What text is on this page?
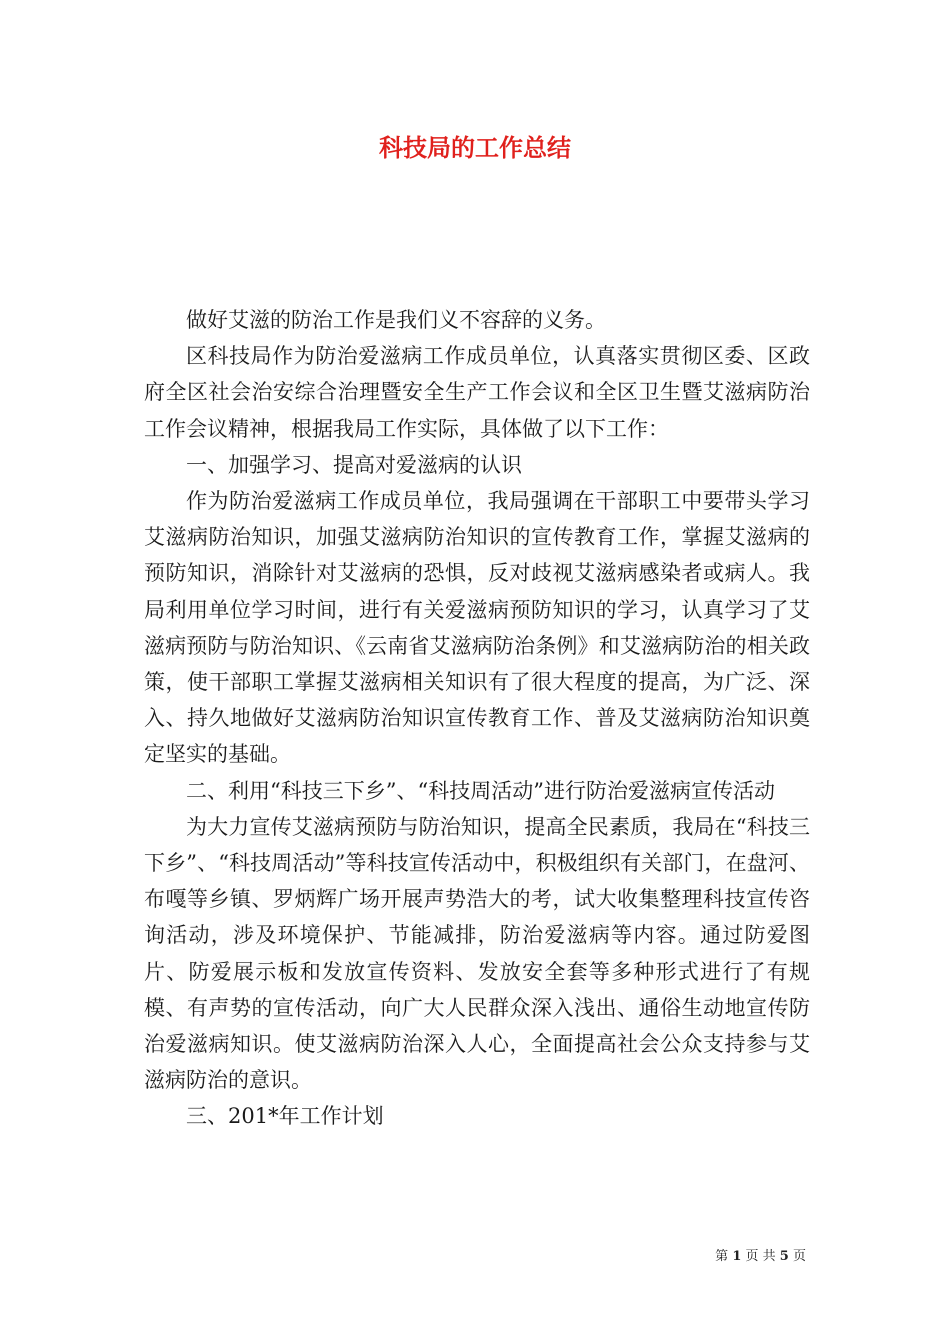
科技局的工作总结

做好艾滋的防治工作是我们义不容辞的义务。

区科技局作为防治爱滋病工作成员单位，认真落实贯彻区委、区政府全区社会治安综合治理暨安全生产工作会议和全区卫生暨艾滋病防治工作会议精神，根据我局工作实际，具体做了以下工作：

一、加强学习、提高对爱滋病的认识

作为防治爱滋病工作成员单位，我局强调在干部职工中要带头学习艾滋病防治知识，加强艾滋病防治知识的宣传教育工作，掌握艾滋病的预防知识，消除针对艾滋病的恐惧，反对歧视艾滋病感染者或病人。我局利用单位学习时间，进行有关爱滋病预防知识的学习，认真学习了艾滋病预防与防治知识、《云南省艾滋病防治条例》和艾滋病防治的相关政策，使干部职工掌握艾滋病相关知识有了很大程度的提高，为广泛、深入、持久地做好艾滋病防治知识宣传教育工作、普及艾滋病防治知识奠定坚实的基础。

二、利用“科技三下乡”、“科技周活动”进行防治爱滋病宣传活动

为大力宣传艾滋病预防与防治知识，提高全民素质，我局在“科技三下乡”、“科技周活动”等科技宣传活动中，积极组织有关部门，在盘河、布嘎等乡镇、罗炳辉广场开展声势浩大的考，试大收集整理科技宣传咨询活动，涉及环境保护、节能减排，防治爱滋病等内容。通过防爱图片、防爱展示板和发放宣传资料、发放安全套等多种形式进行了有规模、有声势的宣传活动，向广大人民群众深入浅出、通俗生动地宣传防治爱滋病知识。使艾滋病防治深入人心，全面提高社会公众支持参与艾滋病防治的意识。

三、201*年工作计划

第 1 页 共 5 页
